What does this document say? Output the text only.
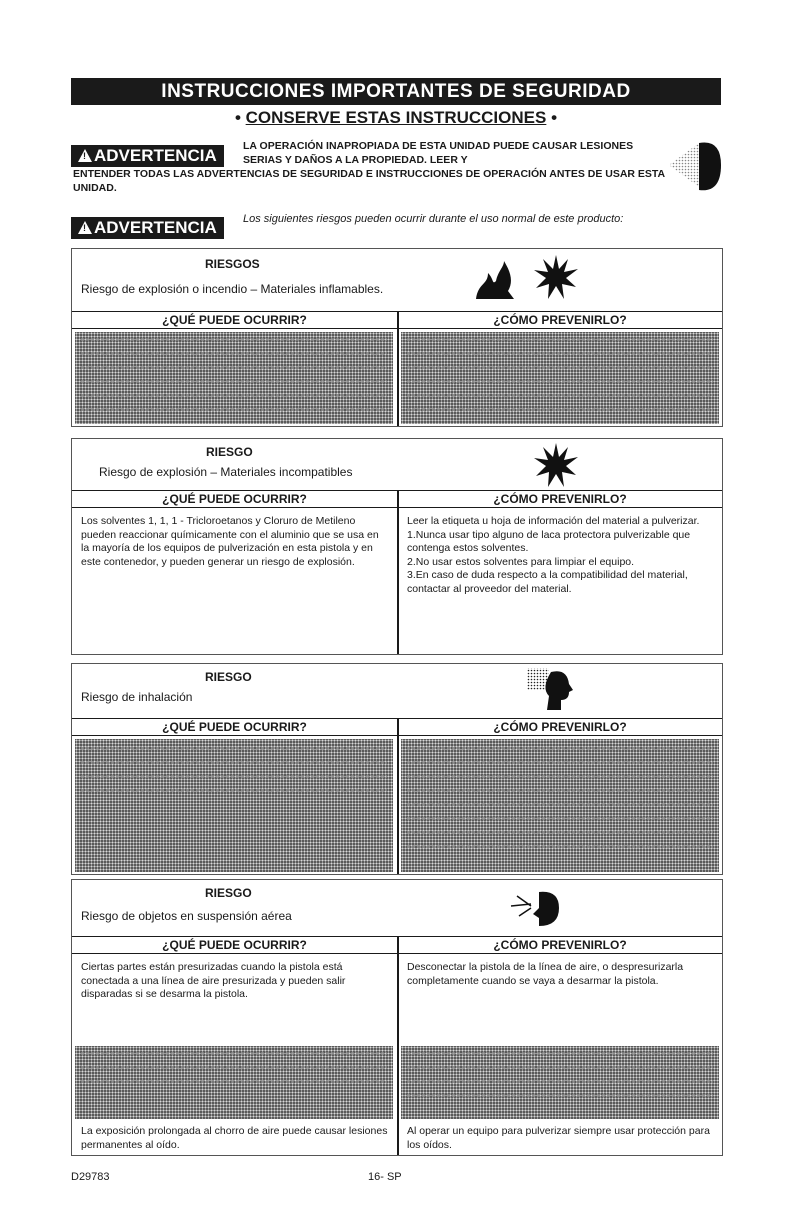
INSTRUCCIONES IMPORTANTES DE SEGURIDAD
• CONSERVE ESTAS INSTRUCCIONES •
!ADVERTENCIA	LA OPERACIÓN INAPROPIADA DE ESTA UNIDAD PUEDE CAUSAR LESIONES SERIAS Y DAÑOS A LA PROPIEDAD. LEER Y
ENTENDER TODAS LAS ADVERTENCIAS DE SEGURIDAD E INSTRUCCIONES DE OPERACIÓN ANTES DE USAR ESTA UNIDAD.
!ADVERTENCIA	Los siguientes riesgos pueden ocurrir durante el uso normal de este producto:
RIESGOS
Riesgo de explosión o incendio – Materiales inflamables.
¿QUÉ PUEDE OCURRIR?	¿CÓMO PREVENIRLO?
RIESGO
Riesgo de explosión – Materiales incompatibles
¿QUÉ PUEDE OCURRIR?	¿CÓMO PREVENIRLO?
Los solventes 1, 1, 1 - Tricloroetanos y Cloruro de Metileno pueden reaccionar químicamente con el aluminio que se usa en la mayoría de los equipos de pulverización en esta pistola y en este contenedor, y pueden generar un riesgo de explosión.
Leer la etiqueta u hoja de información del material a pulverizar.
1.Nunca usar tipo alguno de laca protectora pulverizable que contenga estos solventes.
2.No usar estos solventes para limpiar el equipo.
3.En caso de duda respecto a la compatibilidad del material, contactar al proveedor del material.
RIESGO
Riesgo de inhalación
¿QUÉ PUEDE OCURRIR?	¿CÓMO PREVENIRLO?
RIESGO
Riesgo de objetos en suspensión aérea
¿QUÉ PUEDE OCURRIR?	¿CÓMO PREVENIRLO?
Ciertas partes están presurizadas cuando la pistola está conectada a una línea de aire presurizada y pueden salir disparadas si se desarma la pistola.
Desconectar la pistola de la línea de aire, o despresurizarla completamente cuando se vaya a desarmar la pistola.
La exposición prolongada al chorro de aire puede causar lesiones permanentes al oído.
Al operar un equipo para pulverizar siempre usar protección para los oídos.
D29783	16- SP
